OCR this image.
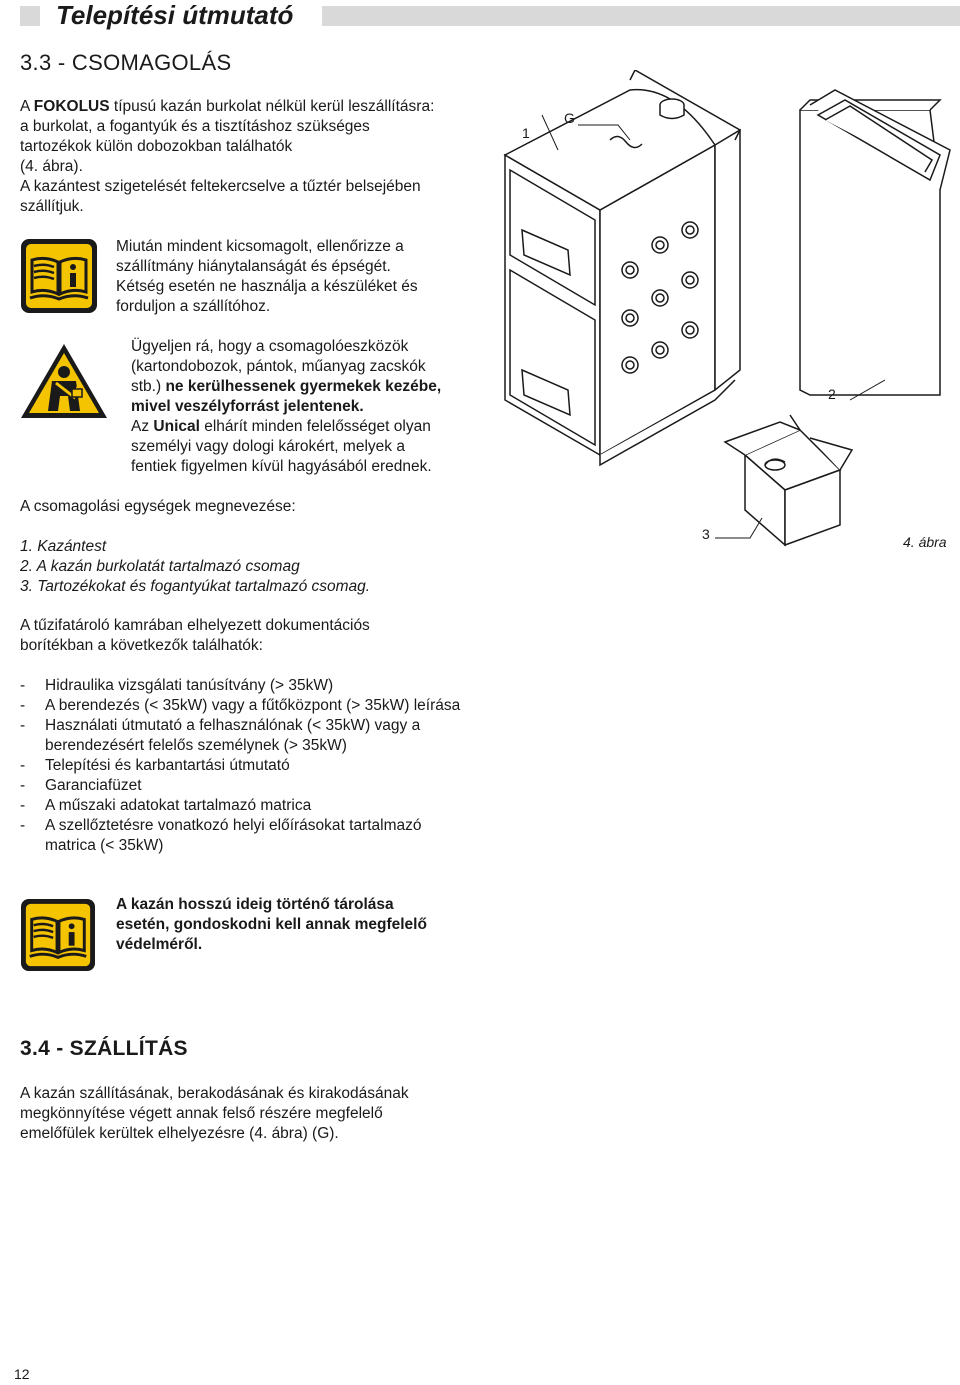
Telepítési útmutató
3.3 - CSOMAGOLÁS
A FOKOLUS típusú kazán burkolat nélkül kerül leszállításra:
a burkolat, a fogantyúk és a tisztításhoz szükséges
tartozékok külön dobozokban találhatók
(4. ábra).
A kazántest szigetelését feltekercselve a tűztér belsejében
szállítjuk.
Miután mindent kicsomagolt, ellenőrizze a
szállítmány hiánytalanságát és épségét.
Kétség esetén ne használja a készüléket és
forduljon a szállítóhoz.
Ügyeljen rá, hogy a csomagolóeszközök
(kartondobozok, pántok, műanyag zacskók
stb.) ne kerülhessenek gyermekek kezébe,
mivel veszélyforrást jelentenek.
Az Unical elhárít minden felelősséget olyan
személyi vagy dologi károkért, melyek a
fentiek figyelmen kívül hagyásából erednek.
A csomagolási egységek megnevezése:
1. Kazántest
2. A kazán burkolatát tartalmazó csomag
3. Tartozékokat és fogantyúkat tartalmazó csomag.
A tűzifatároló kamrában elhelyezett dokumentációs
borítékban a következők találhatók:
-	Hidraulika vizsgálati tanúsítvány (> 35kW)
-	A berendezés (< 35kW) vagy a fűtőközpont (> 35kW) leírása
-	Használati útmutató a felhasználónak (< 35kW) vagy a
berendezésért felelős személynek (> 35kW)
-	Telepítési és karbantartási útmutató
-	Garanciafüzet
-	A műszaki adatokat tartalmazó matrica
-	A szellőztetésre vonatkozó helyi előírásokat tartalmazó
matrica (< 35kW)
A kazán hosszú ideig történő tárolása
esetén, gondoskodni kell annak megfelelő
védelméről.
3.4 - SZÁLLÍTÁS
A kazán szállításának, berakodásának és kirakodásának
megkönnyítése végett annak felső részére megfelelő
emelőfülek kerültek elhelyezésre (4. ábra) (G).
1
G
2
3	4. ábra
12
